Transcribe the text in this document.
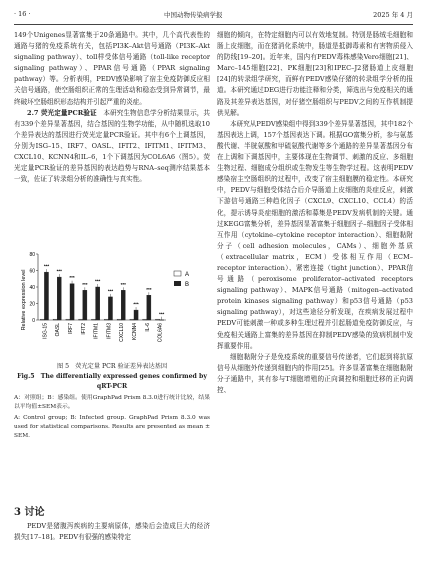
· 16 ·	中国动物传染病学报	2025 年 4 月

149个Unigenes显著富集于20条通路中。其中，几个高代表性的通路与猪的免疫系统有关，包括PI3K–Akt信号通路（PI3K–Akt signaling pathway）、toll样受体信号通路（toll-like receptor signaling pathway）、PPAR信号通路（PPAR signaling pathway）等。分析表明，PEDV感染影响了宿主免疫防御反应相关信号通路，使空肠组织正常的生理活动和稳态受到异常调节，最终破坏空肠组织形态结构并引起严重的炎症。

2.7 荧光定量PCR验证　 本研究生物信息学分析结果显示，共有339个差异显著基因，结合基因的生物学功能，从中随机选取10个差异表达的基因进行荧光定量PCR验证。其中有6个上调基因，分别为ISG–15、IRF7、OASL、IFIT2、IFITM1、IFITM3、CXCL10、KCNN4和IL–6，1个下调基因为COL6A6（图5）。荧光定量PCR验证的差异基因的表达趋势与RNA–seq测序结果基本一致，佐证了转录组分析的准确性与真实性。

Relative expression level 0
20
40
60
80
***
***
***
***
***
***
***
***
***
***
ISG-15 OASL IRF7 IFIT2 IFITM1 IFITM3 CXCL10 KCNN4 IL-6 COL6A6
A
B
图 5　荧光定量 PCR 验证差异表达基因
Fig.5　The differentially expressed genes confirmed by
qRT-PCR
A：对照组；B：感染组。使用GraphPad Prism 8.3.0进行统计比较，结果以平均值±SEM表示。
A: Control group; B: Infected group. GraphPad Prism 8.3.0 was used for statistical comparisons. Results are presented as mean ± SEM.
3 讨论
PEDV是猪腹泻疾病的主要病原体，感染后会造成巨大的经济损失[17–18]。PEDV有很强的感染特定

细胞的倾向，在特定细胞内可以有效地复制。特别是肠绒毛细胞和肠上皮细胞，而在猪消化系统中，肠道是抵御毒素和有害物质侵入的防线[19–20]。近年来，国内有PEDV毒株感染Vero细胞[21]、Marc–145细胞[22]、PK细胞[23]和IPEC–J2猪肠道上皮细胞[24]的转录组学研究，而鲜有PEDV感染仔猪的转录组学分析的报道。本研究通过DEG进行功能注释和分类，筛选出与免疫相关的通路及其差异表达基因，对仔猪空肠组织与PEDV之间的互作机制提供见解。

本研究从PEDV感染组中得到339个差异显著基因，其中182个基因表达上调，157个基因表达下调。根据GO富集分析，参与氨基酸代谢、半胱氨酸和甲硫氨酸代谢等多个通路的差异显著基因分布在上调和下调基因中，主要体现在生物调节、刺激的反应、多细胞生物过程、细胞成分组织或生物发生等生物学过程。这表明PEDV感染宿主空肠组织的过程中，改变了宿主细胞膜的稳定性。本研究中，PEDV与细胞受体结合后介导肠道上皮细胞的炎症反应，刺激下游信号通路三种趋化因子（CXCL9、CXCL10、CCL4）的活化，提示诱导炎症细胞的激活和募集是PEDV发病机制的关键。通过KEGG富集分析，差异基因显著富集于细胞因子–细胞因子受体相互作用（cytokine–cytokine receptor interaction）、细胞黏附分子（cell adhesion molecules，CAMs）、细胞外基质（extracellular matrix，ECM）受体相互作用（ECM–receptor interaction）、紧密连接（tight junction）、PPAR信号通路（peroxisome proliferator–activated receptors signaling pathway）、MAPK信号通路（mitogen–activated protein kinases signaling pathway）和p53信号通路（p53 signaling pathway），对这些途径分析发现，在疾病发展过程中PEDV可能刺激一种或多种生理过程并引起肠道免疫防御反应，与免疫相关通路上富集的差异基因在抑制PEDV感染的致病机制中发挥重要作用。

细胞黏附分子是免疫系统的重要信号传递者，它们起到将抗原信号从细胞外传递到细胞内的作用[25]。许多显著富集在细胞黏附分子通路中，其有参与T细胞增殖的正向调控和细胞迁移的正向调控、
